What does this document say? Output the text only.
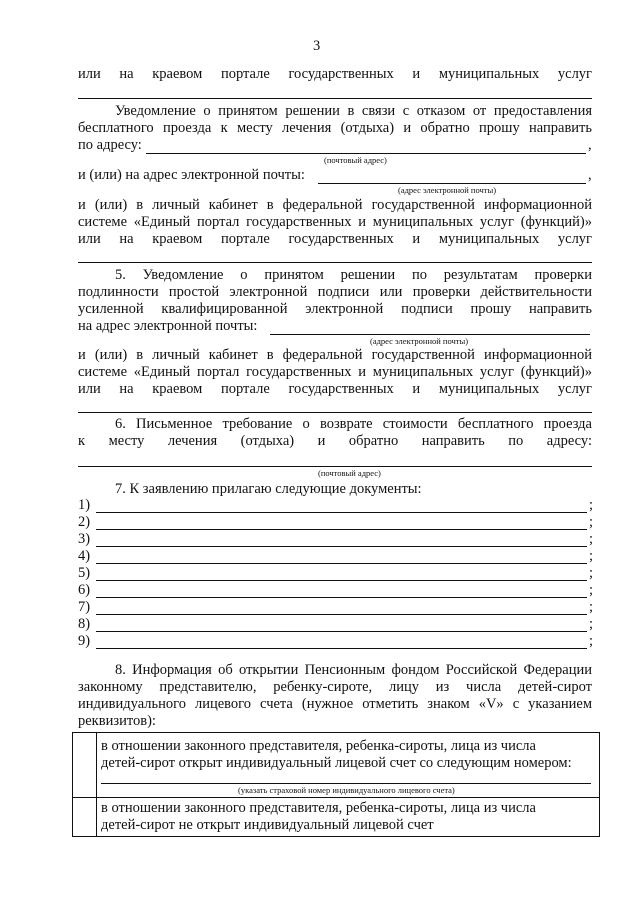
3
или на краевом портале государственных и муниципальных услуг
Уведомление о принятом решении в связи с отказом от предоставления
бесплатного проезда к месту лечения (отдыха) и обратно прошу направить
по адресу:	,
(почтовый адрес)
и (или) на адрес электронной почты:	,
(адрес электронной почты)
и (или) в личный кабинет в федеральной государственной информационной
системе «Единый портал государственных и муниципальных услуг (функций)»
или на краевом портале государственных и муниципальных услуг
5. Уведомление о принятом решении по результатам проверки
подлинности простой электронной подписи или проверки действительности
усиленной квалифицированной электронной подписи прошу направить
на адрес электронной почты:
(адрес электронной почты)
и (или) в личный кабинет в федеральной государственной информационной
системе «Единый портал государственных и муниципальных услуг (функций)»
или на краевом портале государственных и муниципальных услуг
6. Письменное требование о возврате стоимости бесплатного проезда
к месту лечения (отдыха) и обратно направить по адресу:
(почтовый адрес)
7. К заявлению прилагаю следующие документы:
1)	;
2)	;
3)	;
4)	;
5)	;
6)	;
7)	;
8)	;
9)	;
8. Информация об открытии Пенсионным фондом Российской Федерации
законному представителю, ребенку-сироте, лицу из числа детей-сирот
индивидуального лицевого счета (нужное отметить знаком «V» с указанием
реквизитов):
в отношении законного представителя, ребенка-сироты, лица из числа
детей-сирот открыт индивидуальный лицевой счет со следующим номером:
(указать страховой номер индивидуального лицевого счета)
в отношении законного представителя, ребенка-сироты, лица из числа
детей-сирот не открыт индивидуальный лицевой счет
